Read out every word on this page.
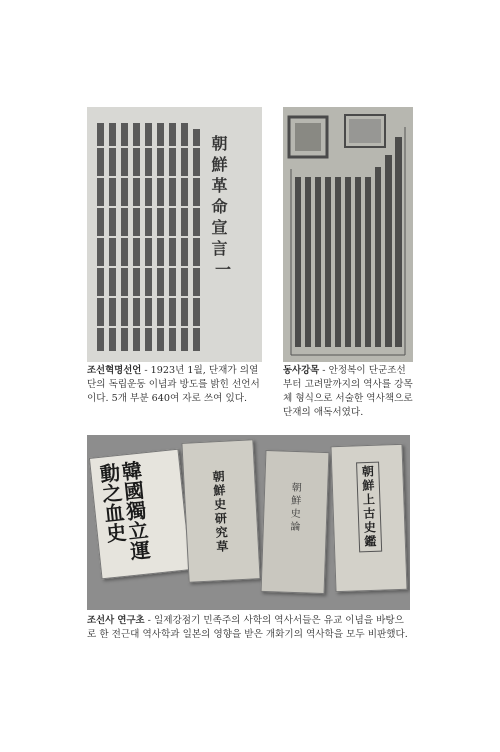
朝鮮革命宣言
一

조선혁명선언 - 1923년 1월, 단재가 의열단의 독립운동 이념과 방도를 밝힌 선언서이다. 5개 부분 640여 자로 쓰여 있다.

동사강목 - 안정복이 단군조선부터 고려말까지의 역사를 강목체 형식으로 서술한 역사책으로 단재의 애독서였다.

韓國獨立運動之血史	朝鮮史研究草	朝鮮史論	朝鮮上古史鑑

조선사 연구초 - 일제강점기 민족주의 사학의 역사서들은 유교 이념을 바탕으로 한 전근대 역사학과 일본의 영향을 받은 개화기의 역사학을 모두 비판했다.
